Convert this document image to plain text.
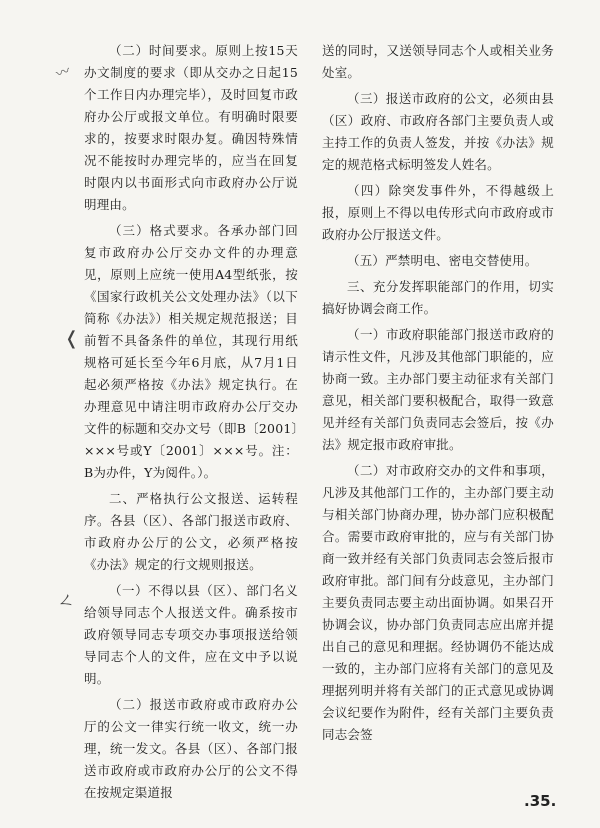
（二）时间要求。原则上按15天办文制度的要求（即从交办之日起15个工作日内办理完毕），及时回复市政府办公厅或报文单位。有明确时限要求的，按要求时限办复。确因特殊情况不能按时办理完毕的，应当在回复时限内以书面形式向市政府办公厅说明理由。

（三）格式要求。各承办部门回复市政府办公厅交办文件的办理意见，原则上应统一使用A4型纸张，按《国家行政机关公文处理办法》（以下简称《办法》）相关规定规范报送；目前暂不具备条件的单位，其现行用纸规格可延长至今年6月底，从7月1日起必须严格按《办法》规定执行。在办理意见中请注明市政府办公厅交办文件的标题和交办文号（即B〔2001〕×××号或Y〔2001〕×××号。注：B为办件，Y为阅件。）。

二、严格执行公文报送、运转程序。各县（区）、各部门报送市政府、市政府办公厅的公文，必须严格按《办法》规定的行文规则报送。

（一）不得以县（区）、部门名义给领导同志个人报送文件。确系按市政府领导同志专项交办事项报送给领导同志个人的文件，应在文中予以说明。

（二）报送市政府或市政府办公厅的公文一律实行统一收文，统一办理，统一发文。各县（区）、各部门报送市政府或市政府办公厅的公文不得在按规定渠道报

送的同时，又送领导同志个人或相关业务处室。

（三）报送市政府的公文，必须由县（区）政府、市政府各部门主要负责人或主持工作的负责人签发，并按《办法》规定的规范格式标明签发人姓名。

（四）除突发事件外，不得越级上报，原则上不得以电传形式向市政府或市政府办公厅报送文件。

（五）严禁明电、密电交替使用。

三、充分发挥职能部门的作用，切实搞好协调会商工作。

（一）市政府职能部门报送市政府的请示性文件，凡涉及其他部门职能的，应协商一致。主办部门要主动征求有关部门意见，相关部门要积极配合，取得一致意见并经有关部门负责同志会签后，按《办法》规定报市政府审批。

（二）对市政府交办的文件和事项，凡涉及其他部门工作的，主办部门要主动与相关部门协商办理，协办部门应积极配合。需要市政府审批的，应与有关部门协商一致并经有关部门负责同志会签后报市政府审批。部门间有分歧意见，主办部门主要负责同志要主动出面协调。如果召开协调会议，协办部门负责同志应出席并提出自己的意见和理据。经协调仍不能达成一致的，主办部门应将有关部门的意见及理据列明并将有关部门的正式意见或协调会议纪要作为附件，经有关部门主要负责同志会签

〰
❬
ㄥ
.35.
